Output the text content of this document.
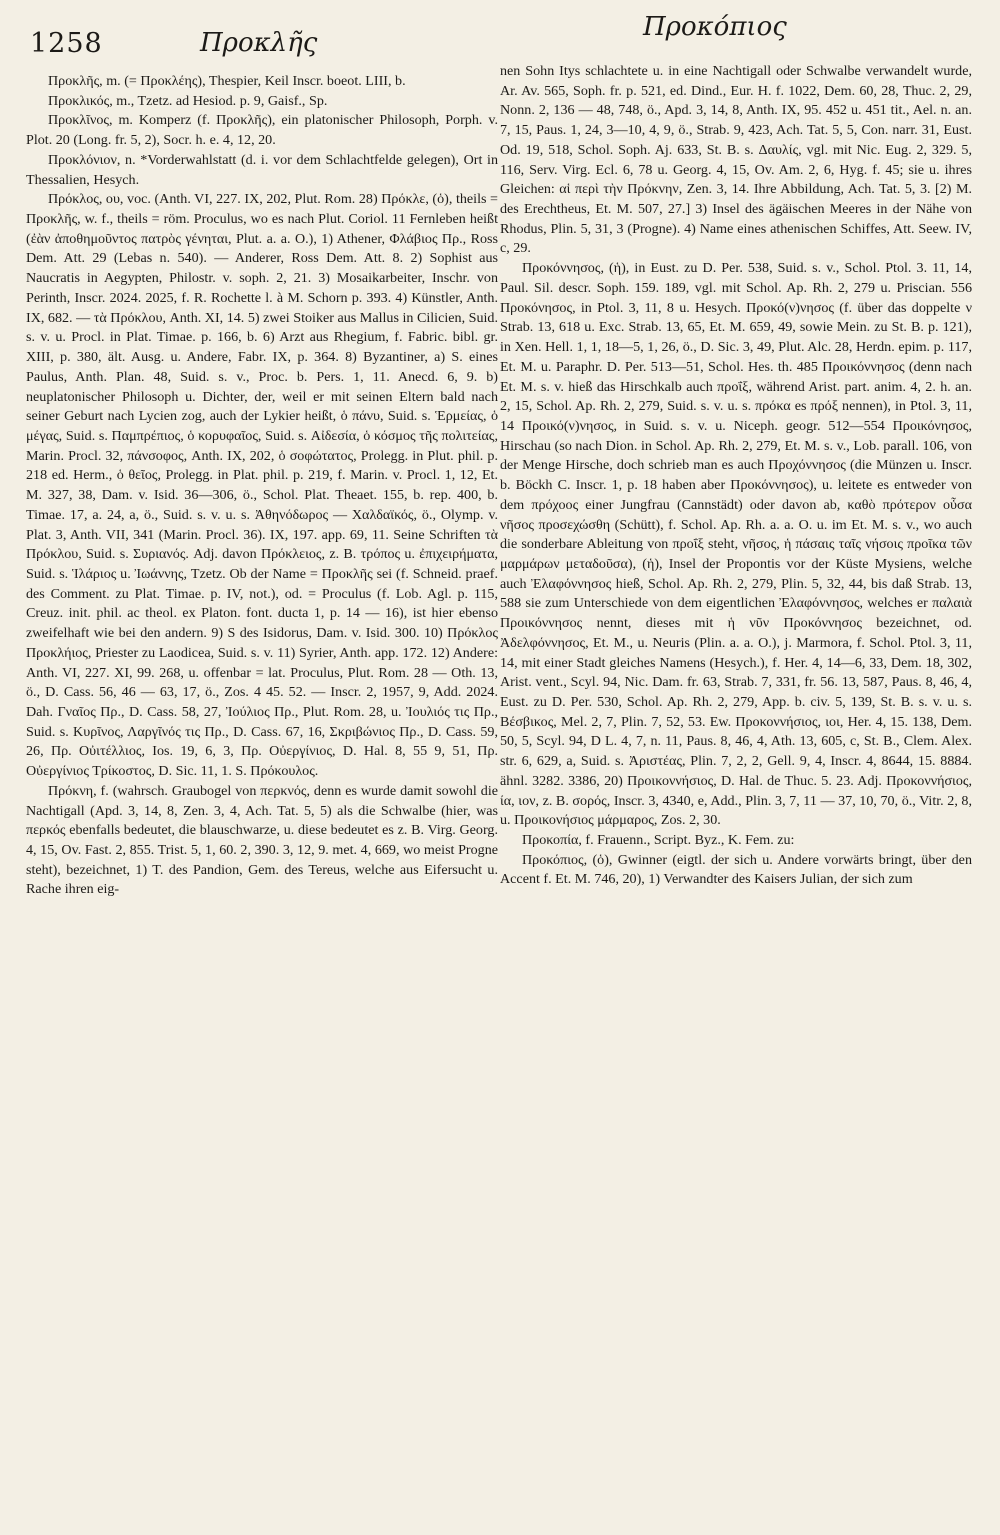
1258	Προκλῆς
Προκόπιος

Προκλῆς, m. (= Προκλέης), Thespier, Keil Inscr. boeot. LIII, b.

Προκλικός, m., Tzetz. ad Hesiod. p. 9, Gaisf., Sp.

Προκλῖνος, m. Komperz (f. Προκλῆς), ein platonischer Philosoph, Porph. v. Plot. 20 (Long. fr. 5, 2), Socr. h. e. 4, 12, 20.

Προκλόνιον, n. *Vorderwahlstatt (d. i. vor dem Schlachtfelde gelegen), Ort in Thessalien, Hesych.

Πρόκλος, ου, voc. (Anth. VI, 227. IX, 202, Plut. Rom. 28) Πρόκλε, (ὁ), theils = Προκλῆς, w. f., theils = röm. Proculus, wo es nach Plut. Coriol. 11 Fernleben heißt (ἐὰν ἀποθημοῦντος πατρὸς γένηται, Plut. a. a. O.), 1) Athener, Φλάβιος Πρ., Ross Dem. Att. 29 (Lebas n. 540). — Anderer, Ross Dem. Att. 8. 2) Sophist aus Naucratis in Aegypten, Philostr. v. soph. 2, 21. 3) Mosaikarbeiter, Inschr. von Perinth, Inscr. 2024. 2025, f. R. Rochette l. à M. Schorn p. 393. 4) Künstler, Anth. IX, 682. — τὰ Πρόκλου, Anth. XI, 14. 5) zwei Stoiker aus Mallus in Cilicien, Suid. s. v. u. Procl. in Plat. Timae. p. 166, b. 6) Arzt aus Rhegium, f. Fabric. bibl. gr. XIII, p. 380, ält. Ausg. u. Andere, Fabr. IX, p. 364. 8) Byzantiner, a) S. eines Paulus, Anth. Plan. 48, Suid. s. v., Proc. b. Pers. 1, 11. Anecd. 6, 9. b) neuplatonischer Philosoph u. Dichter, der, weil er mit seinen Eltern bald nach seiner Geburt nach Lycien zog, auch der Lykier heißt, ὁ πάνυ, Suid. s. Ἑρμείας, ὁ μέγας, Suid. s. Παμπρέπιος, ὁ κορυφαῖος, Suid. s. Αἰδεσία, ὁ κόσμος τῆς πολιτείας, Marin. Procl. 32, πάνσοφος, Anth. IX, 202, ὁ σοφώτατος, Prolegg. in Plut. phil. p. 218 ed. Herm., ὁ θεῖος, Prolegg. in Plat. phil. p. 219, f. Marin. v. Procl. 1, 12, Et. M. 327, 38, Dam. v. Isid. 36—306, ö., Schol. Plat. Theaet. 155, b. rep. 400, b. Timae. 17, a. 24, a, ö., Suid. s. v. u. s. Ἀθηνόδωρος — Χαλδαϊκός, ö., Olymp. v. Plat. 3, Anth. VII, 341 (Marin. Procl. 36). IX, 197. app. 69, 11. Seine Schriften τὰ Πρόκλου, Suid. s. Συριανός. Adj. davon Πρόκλειος, z. B. τρόπος u. ἐπιχειρήματα, Suid. s. Ἱλάριος u. Ἰωάννης, Tzetz. Ob der Name = Προκλῆς sei (f. Schneid. praef. des Comment. zu Plat. Timae. p. IV, not.), od. = Proculus (f. Lob. Agl. p. 115, Creuz. init. phil. ac theol. ex Platon. font. ducta 1, p. 14 — 16), ist hier ebenso zweifelhaft wie bei den andern. 9) S des Isidorus, Dam. v. Isid. 300. 10) Πρόκλος Προκλήιος, Priester zu Laodicea, Suid. s. v. 11) Syrier, Anth. app. 172. 12) Andere: Anth. VI, 227. XI, 99. 268, u. offenbar = lat. Proculus, Plut. Rom. 28 — Oth. 13, ö., D. Cass. 56, 46 — 63, 17, ö., Zos. 4 45. 52. — Inscr. 2, 1957, 9, Add. 2024. Dah. Γναῖος Πρ., D. Cass. 58, 27, Ἰούλιος Πρ., Plut. Rom. 28, u. Ἰουλιός τις Πρ., Suid. s. Κυρῖνος, Λαργῖνός τις Πρ., D. Cass. 67, 16, Σκριβώνιος Πρ., D. Cass. 59, 26, Πρ. Οὐιτέλλιος, Ios. 19, 6, 3, Πρ. Οὐεργίνιος, D. Hal. 8, 55 9, 51, Πρ. Οὐεργίνιος Τρίκοστος, D. Sic. 11, 1. S. Πρόκουλος.

Πρόκνη, f. (wahrsch. Graubogel von περκνός, denn es wurde damit sowohl die Nachtigall (Apd. 3, 14, 8, Zen. 3, 4, Ach. Tat. 5, 5) als die Schwalbe (hier, was περκός ebenfalls bedeutet, die blauschwarze, u. diese bedeutet es z. B. Virg. Georg. 4, 15, Ov. Fast. 2, 855. Trist. 5, 1, 60. 2, 390. 3, 12, 9. met. 4, 669, wo meist Progne steht), bezeichnet, 1) T. des Pandion, Gem. des Tereus, welche aus Eifersucht u. Rache ihren eig-

nen Sohn Itys schlachtete u. in eine Nachtigall oder Schwalbe verwandelt wurde, Ar. Av. 565, Soph. fr. p. 521, ed. Dind., Eur. H. f. 1022, Dem. 60, 28, Thuc. 2, 29, Nonn. 2, 136 — 48, 748, ö., Apd. 3, 14, 8, Anth. IX, 95. 452 u. 451 tit., Ael. n. an. 7, 15, Paus. 1, 24, 3—10, 4, 9, ö., Strab. 9, 423, Ach. Tat. 5, 5, Con. narr. 31, Eust. Od. 19, 518, Schol. Soph. Aj. 633, St. B. s. Δαυλίς, vgl. mit Nic. Eug. 2, 329. 5, 116, Serv. Virg. Ecl. 6, 78 u. Georg. 4, 15, Ov. Am. 2, 6, Hyg. f. 45; sie u. ihres Gleichen: αἱ περὶ τὴν Πρόκνην, Zen. 3, 14. Ihre Abbildung, Ach. Tat. 5, 3. [2) M. des Erechtheus, Et. M. 507, 27.] 3) Insel des ägäischen Meeres in der Nähe von Rhodus, Plin. 5, 31, 3 (Progne). 4) Name eines athenischen Schiffes, Att. Seew. IV, c, 29.

Προκόννησος, (ἡ), in Eust. zu D. Per. 538, Suid. s. v., Schol. Ptol. 3. 11, 14, Paul. Sil. descr. Soph. 159. 189, vgl. mit Schol. Ap. Rh. 2, 279 u. Priscian. 556 Προκόνησος, in Ptol. 3, 11, 8 u. Hesych. Προκό(ν)νησος (f. über das doppelte ν Strab. 13, 618 u. Exc. Strab. 13, 65, Et. M. 659, 49, sowie Mein. zu St. B. p. 121), in Xen. Hell. 1, 1, 18—5, 1, 26, ö., D. Sic. 3, 49, Plut. Alc. 28, Herdn. epim. p. 117, Et. M. u. Paraphr. D. Per. 513—51, Schol. Hes. th. 485 Προικόννησος (denn nach Et. M. s. v. hieß das Hirschkalb auch προΐξ, während Arist. part. anim. 4, 2. h. an. 2, 15, Schol. Ap. Rh. 2, 279, Suid. s. v. u. s. πρόκα es πρόξ nennen), in Ptol. 3, 11, 14 Προικό(ν)νησος, in Suid. s. v. u. Niceph. geogr. 512—554 Προικόνησος, Hirschau (so nach Dion. in Schol. Ap. Rh. 2, 279, Et. M. s. v., Lob. parall. 106, von der Menge Hirsche, doch schrieb man es auch Προχόννησος (die Münzen u. Inscr. b. Böckh C. Inscr. 1, p. 18 haben aber Προκόννησος), u. leitete es entweder von dem πρόχοος einer Jungfrau (Cannstädt) oder davon ab, καθὸ πρότερον οὖσα νῆσος προσεχώσθη (Schütt), f. Schol. Ap. Rh. a. a. O. u. im Et. M. s. v., wo auch die sonderbare Ableitung von προΐξ steht, νῆσος, ἡ πάσαις ταῖς νήσοις προῖκα τῶν μαρμάρων μεταδοῦσα), (ἡ), Insel der Propontis vor der Küste Mysiens, welche auch Ἐλαφόννησος hieß, Schol. Ap. Rh. 2, 279, Plin. 5, 32, 44, bis daß Strab. 13, 588 sie zum Unterschiede von dem eigentlichen Ἐλαφόννησος, welches er παλαιὰ Προικόννησος nennt, dieses mit ἡ νῦν Προκόννησος bezeichnet, od. Ἀδελφόννησος, Et. M., u. Neuris (Plin. a. a. O.), j. Marmora, f. Schol. Ptol. 3, 11, 14, mit einer Stadt gleiches Namens (Hesych.), f. Her. 4, 14—6, 33, Dem. 18, 302, Arist. vent., Scyl. 94, Nic. Dam. fr. 63, Strab. 7, 331, fr. 56. 13, 587, Paus. 8, 46, 4, Eust. zu D. Per. 530, Schol. Ap. Rh. 2, 279, App. b. civ. 5, 139, St. B. s. v. u. s. Βέσβικος, Mel. 2, 7, Plin. 7, 52, 53. Ew. Προκοννήσιος, ιοι, Her. 4, 15. 138, Dem. 50, 5, Scyl. 94, D L. 4, 7, n. 11, Paus. 8, 46, 4, Ath. 13, 605, c, St. B., Clem. Alex. str. 6, 629, a, Suid. s. Ἀριστέας, Plin. 7, 2, 2, Gell. 9, 4, Inscr. 4, 8644, 15. 8884. ähnl. 3282. 3386, 20) Προικοννήσιος, D. Hal. de Thuc. 5. 23. Adj. Προκοννήσιος, ία, ιον, z. B. σορός, Inscr. 3, 4340, e, Add., Plin. 3, 7, 11 — 37, 10, 70, ö., Vitr. 2, 8, u. Προικονήσιος μάρμαρος, Zos. 2, 30.

Προκοπία, f. Frauenn., Script. Byz., K. Fem. zu:

Προκόπιος, (ὁ), Gwinner (eigtl. der sich u. Andere vorwärts bringt, über den Accent f. Et. M. 746, 20), 1) Verwandter des Kaisers Julian, der sich zum
